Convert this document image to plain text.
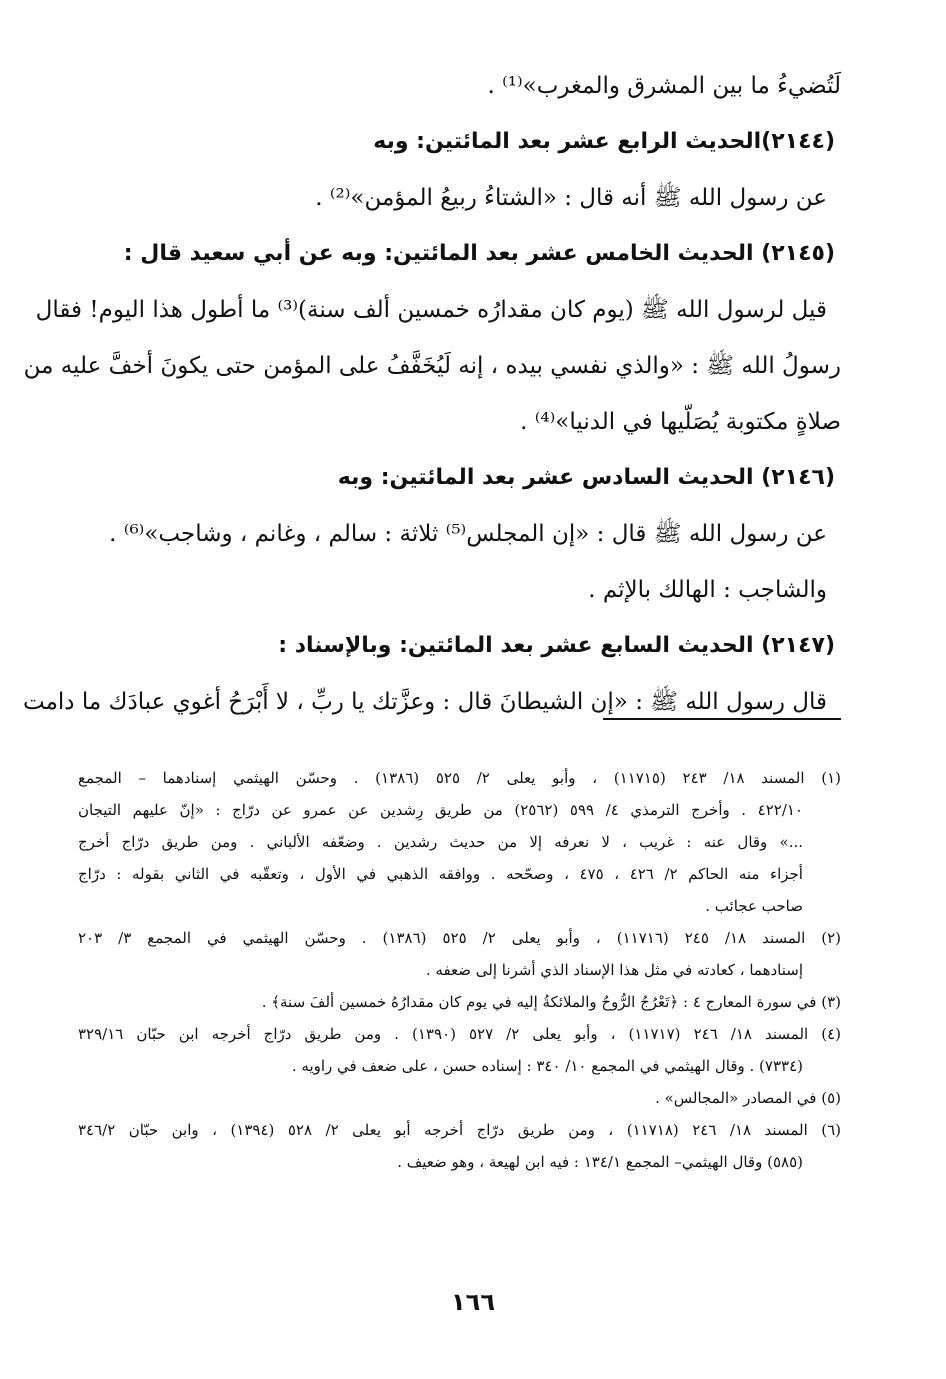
لَتُضيءُ ما بين المشرق والمغرب»⁽¹⁾ .
(٢١٤٤)الحديث الرابع عشر بعد المائتين: وبه
عن رسول الله ﷺ أنه قال : «الشتاءُ ربيعُ المؤمن»⁽²⁾ .
(٢١٤٥) الحديث الخامس عشر بعد المائتين: وبه عن أبي سعيد قال :
قيل لرسول الله ﷺ (يوم كان مقدارُه خمسين ألف سنة)⁽³⁾ ما أطول هذا اليوم! فقال
رسولُ الله ﷺ : «والذي نفسي بيده ، إنه لَيُخَفَّفُ على المؤمن حتى يكونَ أخفَّ عليه من
صلاةٍ مكتوبة يُصَلّيها في الدنيا»⁽⁴⁾ .
(٢١٤٦) الحديث السادس عشر بعد المائتين: وبه
عن رسول الله ﷺ قال : «إن المجلس⁽⁵⁾ ثلاثة : سالم ، وغانم ، وشاجب»⁽⁶⁾ .
والشاجب : الهالك بالإثم .
(٢١٤٧) الحديث السابع عشر بعد المائتين: وبالإسناد :
قال رسول الله ﷺ : «إن الشيطانَ قال : وعزَّتك يا ربِّ ، لا أَبْرَحُ أغوي عبادَك ما دامت
(١) المسند ١٨/ ٢٤٣ (١١٧١٥) ، وأبو يعلى ٢/ ٥٢٥ (١٣٨٦) . وحسّن الهيثمي إسنادهما – المجمع
٤٢٢/١٠ . وأخرج الترمذي ٤/ ٥٩٩ (٢٥٦٢) من طريق رِشدين عن عمرو عن درّاج : «إنّ عليهم التيجان
...» وقال عنه : غريب ، لا نعرفه إلا من حديث رشدين . وضعّفه الألباني . ومن طريق درّاج أخرج
أجزاء منه الحاكم ٢/ ٤٢٦ ، ٤٧٥ ، وصحّحه . ووافقه الذهبي في الأول ، وتعقّبه في الثاني بقوله : درّاج
صاحب عجائب .
(٢) المسند ١٨/ ٢٤٥ (١١٧١٦) ، وأبو يعلى ٢/ ٥٢٥ (١٣٨٦) . وحسّن الهيثمي في المجمع ٣/ ٢٠٣
إسنادهما ، كعادته في مثل هذا الإسناد الذي أشرنا إلى ضعفه .
(٣) في سورة المعارج ٤ : ﴿تَعْرُجُ الرُّوحُ والملائكةُ إليه في يوم كان مقدارُهُ خمسين ألفَ سنة﴾ .
(٤) المسند ١٨/ ٢٤٦ (١١٧١٧) ، وأبو يعلى ٢/ ٥٢٧ (١٣٩٠) . ومن طريق درّاج أخرجه ابن حبّان ٣٢٩/١٦
(٧٣٣٤) . وقال الهيثمي في المجمع ١٠/ ٣٤٠ : إسناده حسن ، على ضعف في راويه .
(٥) في المصادر «المجالس» .
(٦) المسند ١٨/ ٢٤٦ (١١٧١٨) ، ومن طريق درّاج أخرجه أبو يعلى ٢/ ٥٢٨ (١٣٩٤) ، وابن حبّان ٣٤٦/٢
(٥٨٥) وقال الهيثمي– المجمع ١٣٤/١ : فيه ابن لهيعة ، وهو ضعيف .
١٦٦
